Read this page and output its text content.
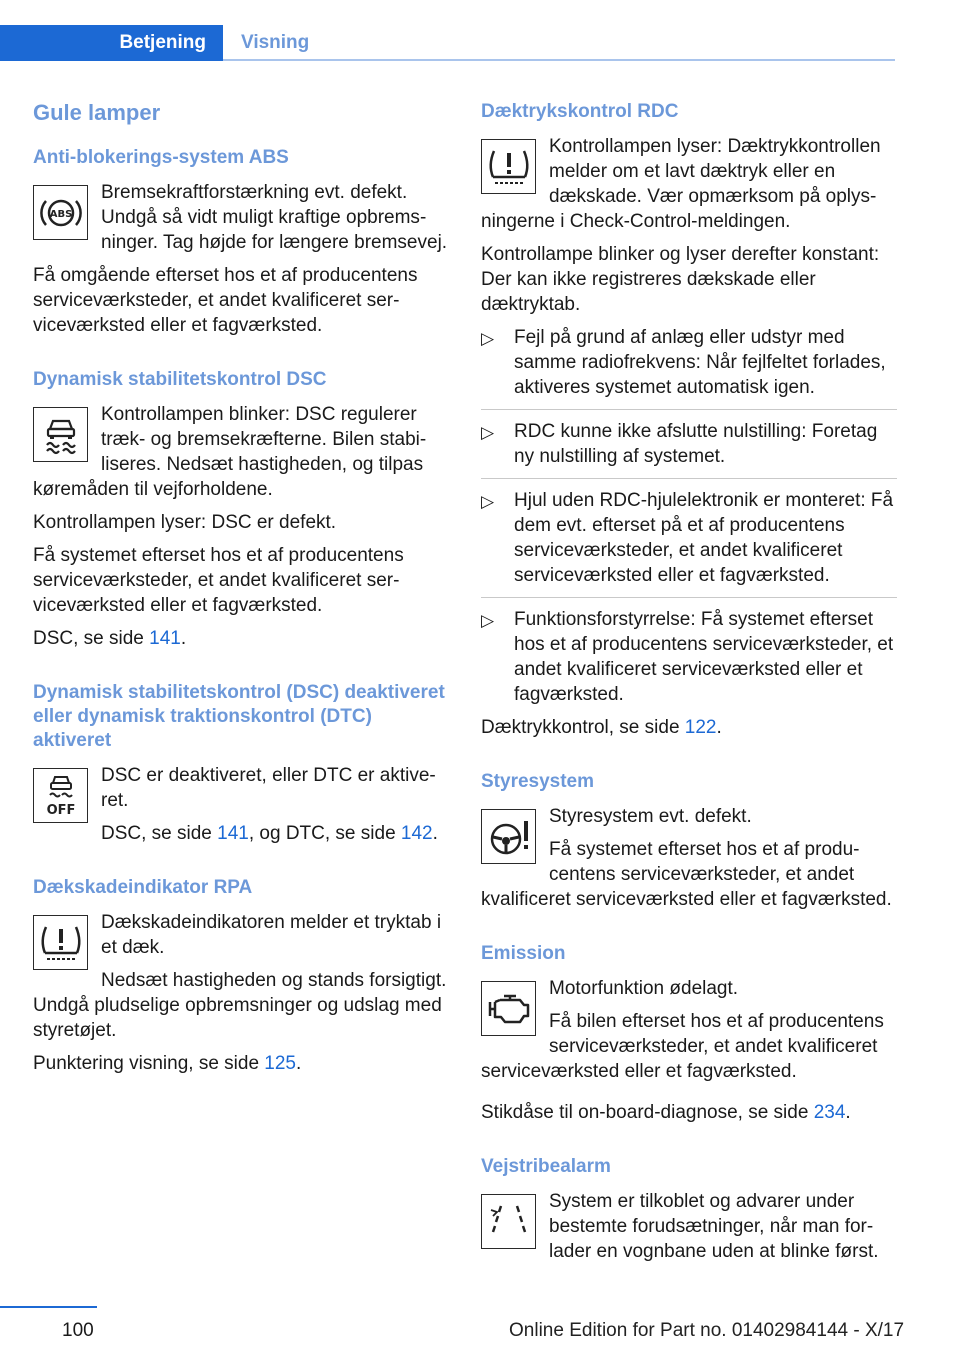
Betjening	Visning
Gule lamper
Anti-blokerings-system ABS
ABS

Bremsekraftforstærkning evt. defekt. Undgå så vidt muligt kraftige opbremsninger. Tag højde for længere bremsevej.

Få omgående efterset hos et af producentens serviceværksteder, et andet kvalificeret serviceværksted eller et fagværksted.

Dynamisk stabilitetskontrol DSC

Kontrollampen blinker: DSC regulerer træk- og bremsekræfterne. Bilen stabiliseres. Nedsæt hastigheden, og tilpas køremåden til vejforholdene.

Kontrollampen lyser: DSC er defekt.

Få systemet efterset hos et af producentens serviceværksteder, et andet kvalificeret serviceværksted eller et fagværksted.

DSC, se side 141.

Dynamisk stabilitetskontrol (DSC) deaktiveret eller dynamisk traktionskontrol (DTC) aktiveret
OFF

DSC er deaktiveret, eller DTC er aktiveret.

DSC, se side 141, og DTC, se side 142.

Dækskadeindikator RPA

Dækskadeindikatoren melder et tryktab i et dæk.

Nedsæt hastigheden og stands forsigtigt. Undgå pludselige opbremsninger og udslag med styretøjet.

Punktering visning, se side 125.

Dæktrykskontrol RDC

Kontrollampen lyser: Dæktrykkontrollen melder om et lavt dæktryk eller en dækskade. Vær opmærksom på oplysningerne i Check-Control-meldingen.

Kontrollampe blinker og lyser derefter konstant: Der kan ikke registreres dækskade eller dæktryktab.

▷ Fejl på grund af anlæg eller udstyr med samme radiofrekvens: Når fejlfeltet forlades, aktiveres systemet automatisk igen.
▷ RDC kunne ikke afslutte nulstilling: Foretag ny nulstilling af systemet.
▷ Hjul uden RDC-hjulelektronik er monteret: Få dem evt. efterset på et af producentens serviceværksteder, et andet kvalificeret serviceværksted eller et fagværksted.
▷ Funktionsforstyrrelse: Få systemet efterset hos et af producentens serviceværksteder, et andet kvalificeret serviceværksted eller et fagværksted.

Dæktrykkontrol, se side 122.

Styresystem

Styresystem evt. defekt.

Få systemet efterset hos et af producentens serviceværksteder, et andet kvalificeret serviceværksted eller et fagværksted.

Emission

Motorfunktion ødelagt.

Få bilen efterset hos et af producentens serviceværksteder, et andet kvalificeret serviceværksted eller et fagværksted.

Stikdåse til on-board-diagnose, se side 234.

Vejstribealarm

System er tilkoblet og advarer under bestemte forudsætninger, når man forlader en vognbane uden at blinke først.

100	Online Edition for Part no. 01402984144 - X/17
